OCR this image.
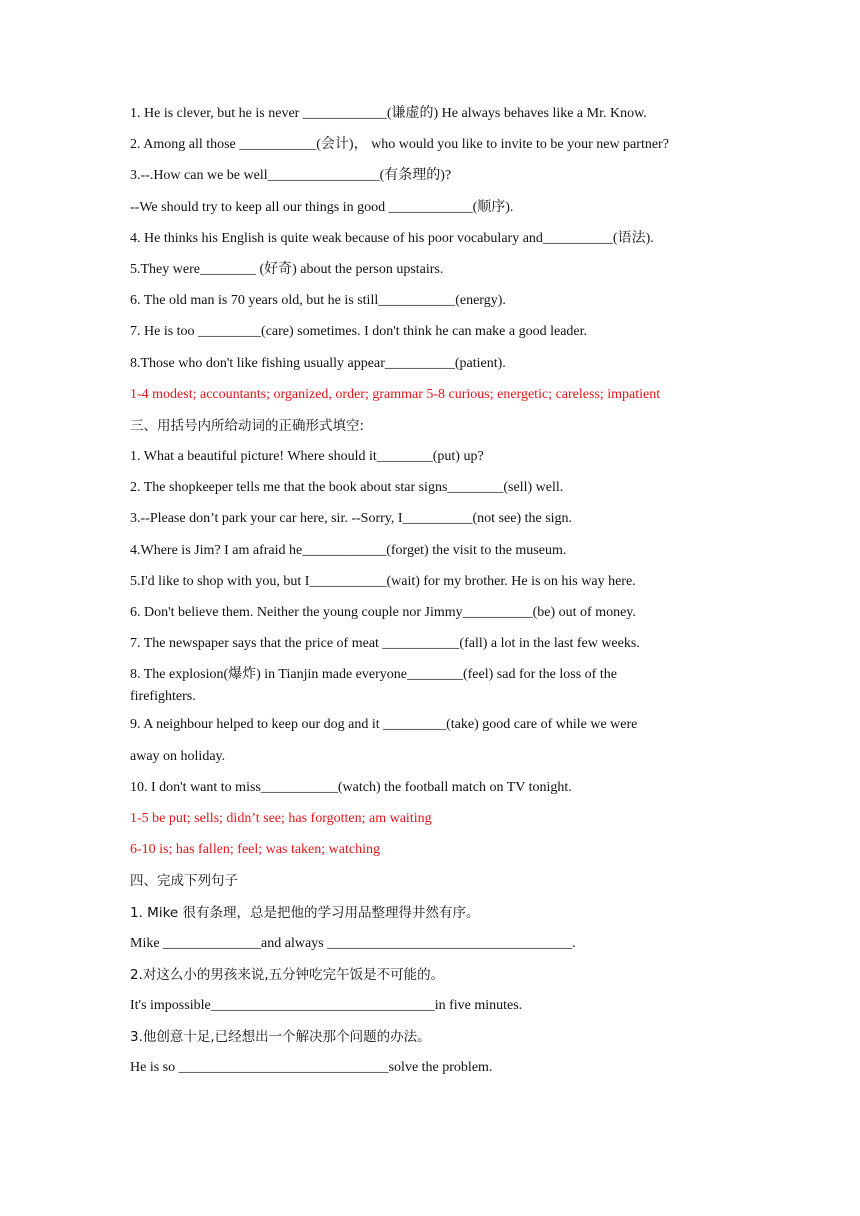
1. He is clever, but he is never ____________(谦虚的) He always behaves like a Mr. Know.

2. Among all those ___________(会计)， who would you like to invite to be your new partner?

3.--.How can we be well________________(有条理的)?

--We should try to keep all our things in good ____________(顺序).

4. He thinks his English is quite weak because of his poor vocabulary and__________(语法).

5.They were________ (好奇) about the person upstairs.

6. The old man is 70 years old, but he is still___________(energy).

7. He is too _________(care) sometimes. I don't think he can make a good leader.

8.Those who don't like fishing usually appear__________(patient).

1-4 modest; accountants; organized, order; grammar 5-8 curious; energetic; careless; impatient

三、用括号内所给动词的正确形式填空:

1. What a beautiful picture! Where should it________(put) up?

2. The shopkeeper tells me that the book about star signs________(sell) well.

3.--Please don’t park your car here, sir. --Sorry, I__________(not see) the sign.

4.Where is Jim? I am afraid he____________(forget) the visit to the museum.

5.I'd like to shop with you, but I___________(wait) for my brother. He is on his way here.

6. Don't believe them. Neither the young couple nor Jimmy__________(be) out of money.

7. The newspaper says that the price of meat ___________(fall) a lot in the last few weeks.

8. The explosion(爆炸) in Tianjin made everyone________(feel) sad for the loss of the firefighters.

9. A neighbour helped to keep our dog and it _________(take) good care of while we were

away on holiday.

10. I don't want to miss___________(watch) the football match on TV tonight.

1-5 be put; sells; didn’t see; has forgotten; am waiting

6-10 is; has fallen; feel; was taken; watching

四、完成下列句子

1. Mike 很有条理，总是把他的学习用品整理得井然有序。

Mike ______________and always ___________________________________.

2.对这么小的男孩来说,五分钟吃完午饭是不可能的。

It's impossible________________________________in five minutes.

3.他创意十足,已经想出一个解决那个问题的办法。

He is so ______________________________solve the problem.
